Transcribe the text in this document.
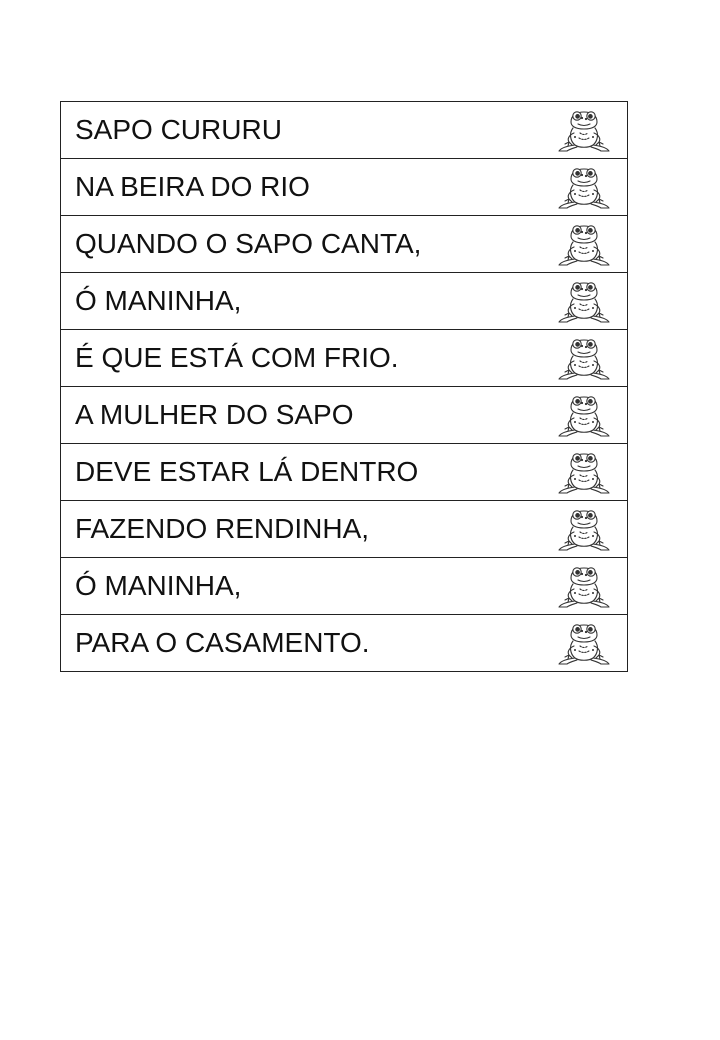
SAPO CURURU

NA BEIRA DO RIO

QUANDO O SAPO CANTA,

Ó MANINHA,

É QUE ESTÁ COM FRIO.

A MULHER DO SAPO

DEVE ESTAR LÁ DENTRO

FAZENDO RENDINHA,

Ó MANINHA,

PARA O CASAMENTO.
